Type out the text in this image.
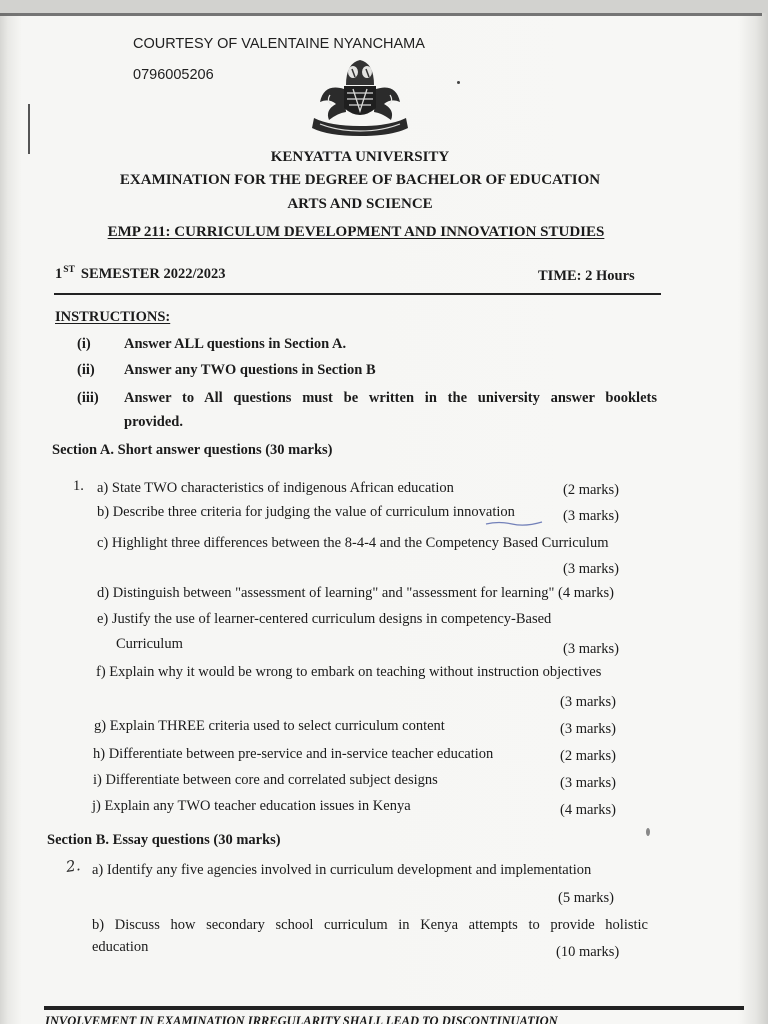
COURTESY OF VALENTAINE NYANCHAMA
0796005206
KENYATTA UNIVERSITY
EXAMINATION FOR THE DEGREE OF BACHELOR OF EDUCATION
ARTS AND SCIENCE
EMP 211: CURRICULUM DEVELOPMENT AND INNOVATION STUDIES
1ST SEMESTER 2022/2023	TIME: 2 Hours
INSTRUCTIONS:
(i) Answer ALL questions in Section A.
(ii) Answer any TWO questions in Section B
(iii) Answer to All questions must be written in the university answer booklets
provided.
Section A. Short answer questions (30 marks)
1. a) State TWO characteristics of indigenous African education	(2 marks)
b) Describe three criteria for judging the value of curriculum innovation	(3 marks)
c) Highlight three differences between the 8-4-4 and the Competency Based Curriculum
(3 marks)
d) Distinguish between "assessment of learning" and "assessment for learning" (4 marks)
e) Justify the use of learner-centered curriculum designs in competency-Based
Curriculum	(3 marks)
f) Explain why it would be wrong to embark on teaching without instruction objectives
(3 marks)
g) Explain THREE criteria used to select curriculum content	(3 marks)
h) Differentiate between pre-service and in-service teacher education	(2 marks)
i) Differentiate between core and correlated subject designs	(3 marks)
j) Explain any TWO teacher education issues in Kenya	(4 marks)
Section B. Essay questions (30 marks)
2. a) Identify any five agencies involved in curriculum development and implementation
(5 marks)
b) Discuss how secondary school curriculum in Kenya attempts to provide holistic
education	(10 marks)
INVOLVEMENT IN EXAMINATION IRREGULARITY SHALL LEAD TO DISCONTINUATION
